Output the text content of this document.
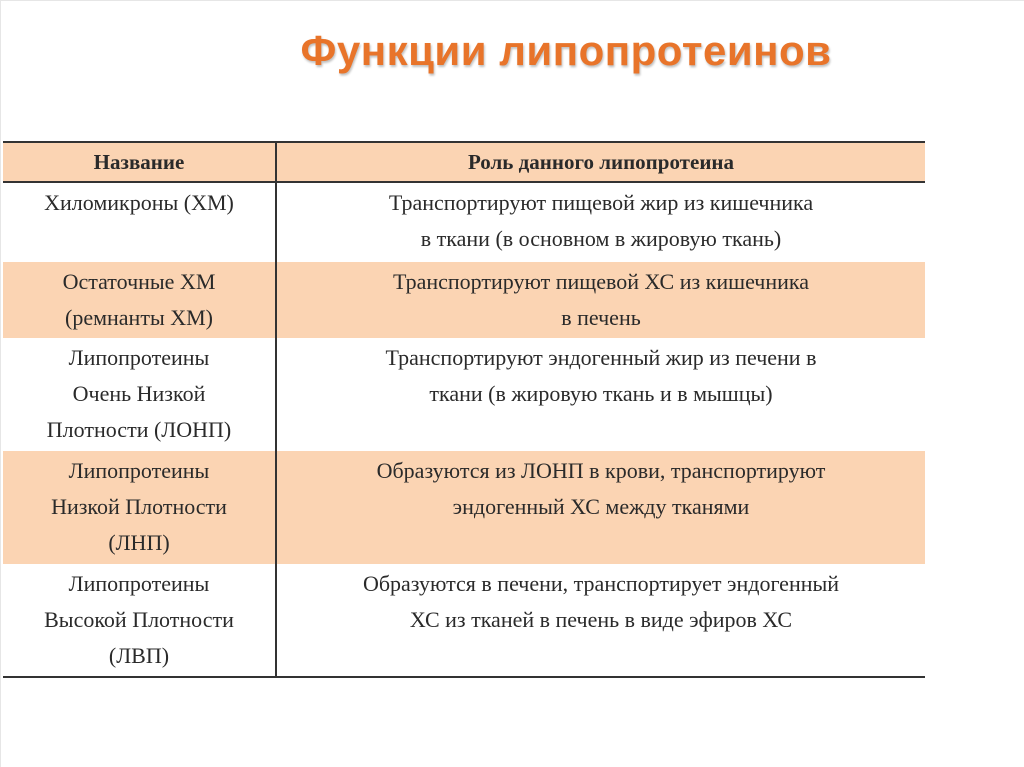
Функции липопротеинов
Название	Роль данного липопротеина

Хиломикроны (ХМ)	Транспортируют пищевой жир из кишечника
в ткани (в основном в жировую ткань)

Остаточные ХМ
(ремнанты ХМ)	Транспортируют пищевой ХС из кишечника
в печень

Липопротеины
Очень Низкой
Плотности (ЛОНП)	Транспортируют эндогенный жир из печени в
ткани (в жировую ткань и в мышцы)

Липопротеины
Низкой Плотности
(ЛНП)	Образуются из ЛОНП в крови, транспортируют
эндогенный ХС между тканями

Липопротеины
Высокой Плотности
(ЛВП)	Образуются в печени, транспортирует эндогенный
ХС из тканей в печень в виде эфиров ХС
